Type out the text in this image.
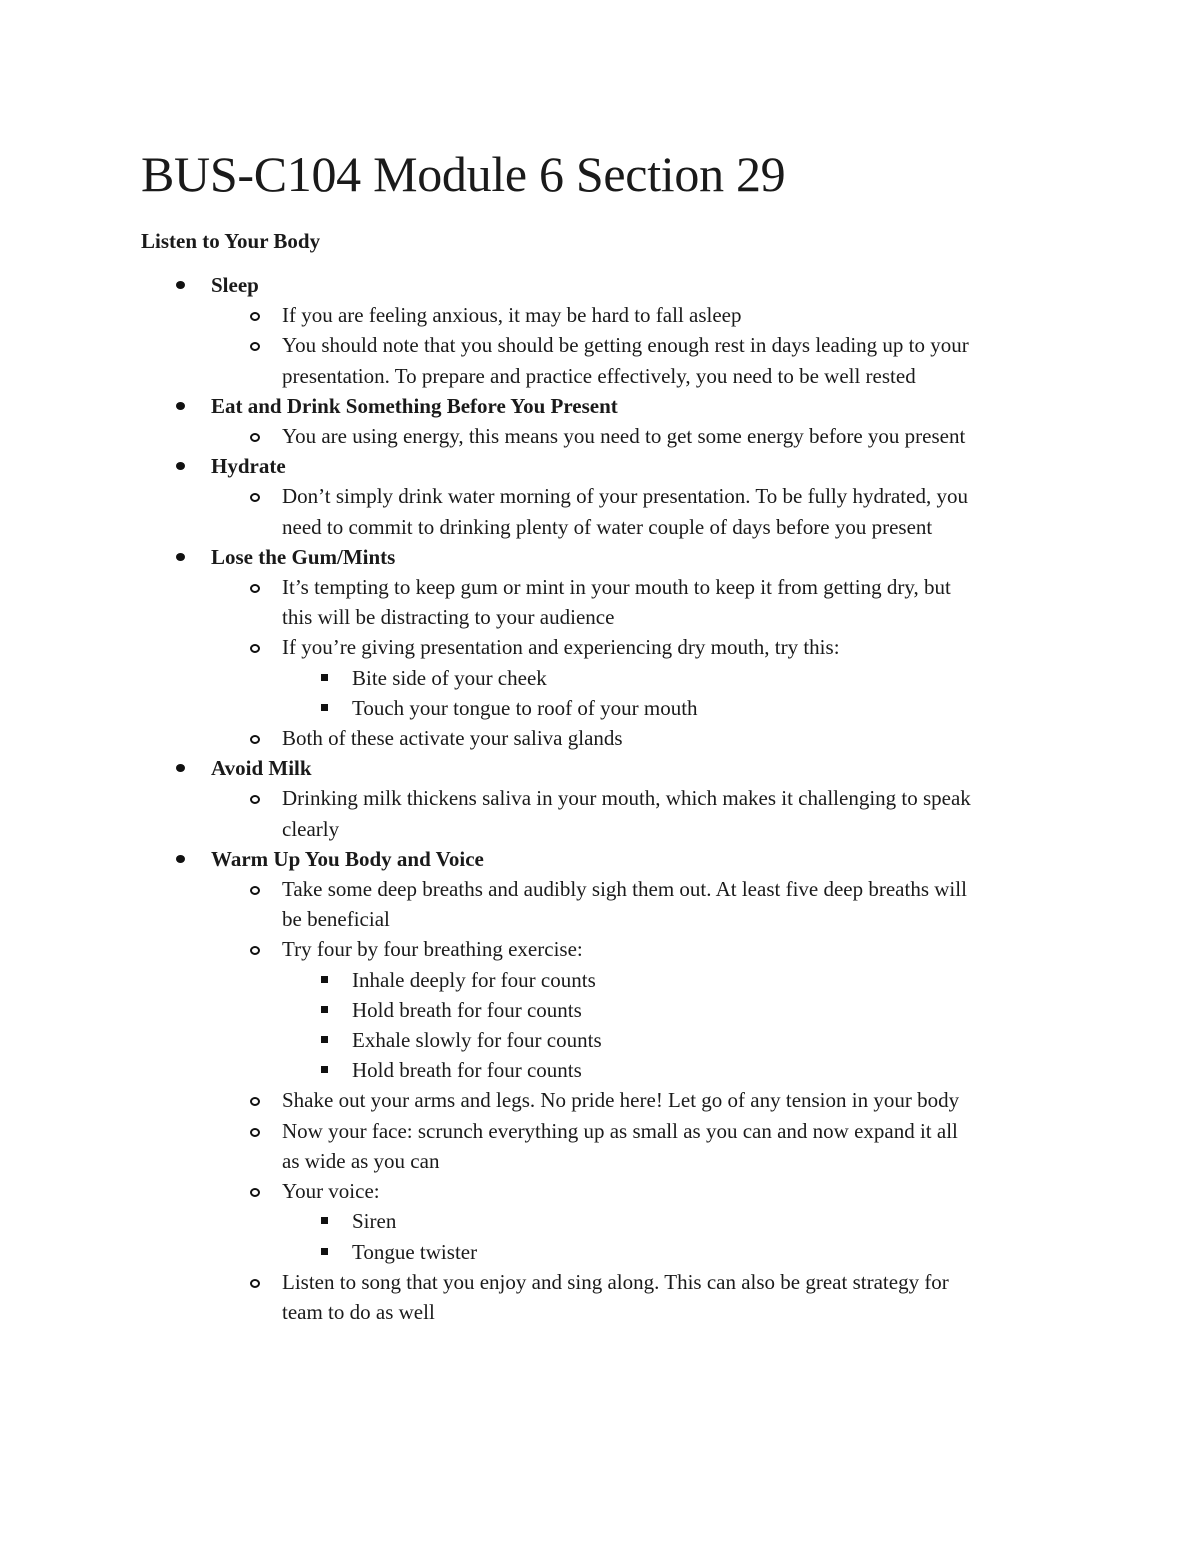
BUS-C104 Module 6 Section 29
Listen to Your Body
Sleep
If you are feeling anxious, it may be hard to fall asleep
You should note that you should be getting enough rest in days leading up to your
presentation. To prepare and practice effectively, you need to be well rested
Eat and Drink Something Before You Present
You are using energy, this means you need to get some energy before you present
Hydrate
Don’t simply drink water morning of your presentation. To be fully hydrated, you
need to commit to drinking plenty of water couple of days before you present
Lose the Gum/Mints
It’s tempting to keep gum or mint in your mouth to keep it from getting dry, but
this will be distracting to your audience
If you’re giving presentation and experiencing dry mouth, try this:
Bite side of your cheek
Touch your tongue to roof of your mouth
Both of these activate your saliva glands
Avoid Milk
Drinking milk thickens saliva in your mouth, which makes it challenging to speak
clearly
Warm Up You Body and Voice
Take some deep breaths and audibly sigh them out. At least five deep breaths will
be beneficial
Try four by four breathing exercise:
Inhale deeply for four counts
Hold breath for four counts
Exhale slowly for four counts
Hold breath for four counts
Shake out your arms and legs. No pride here! Let go of any tension in your body
Now your face: scrunch everything up as small as you can and now expand it all
as wide as you can
Your voice:
Siren
Tongue twister
Listen to song that you enjoy and sing along. This can also be great strategy for
team to do as well
